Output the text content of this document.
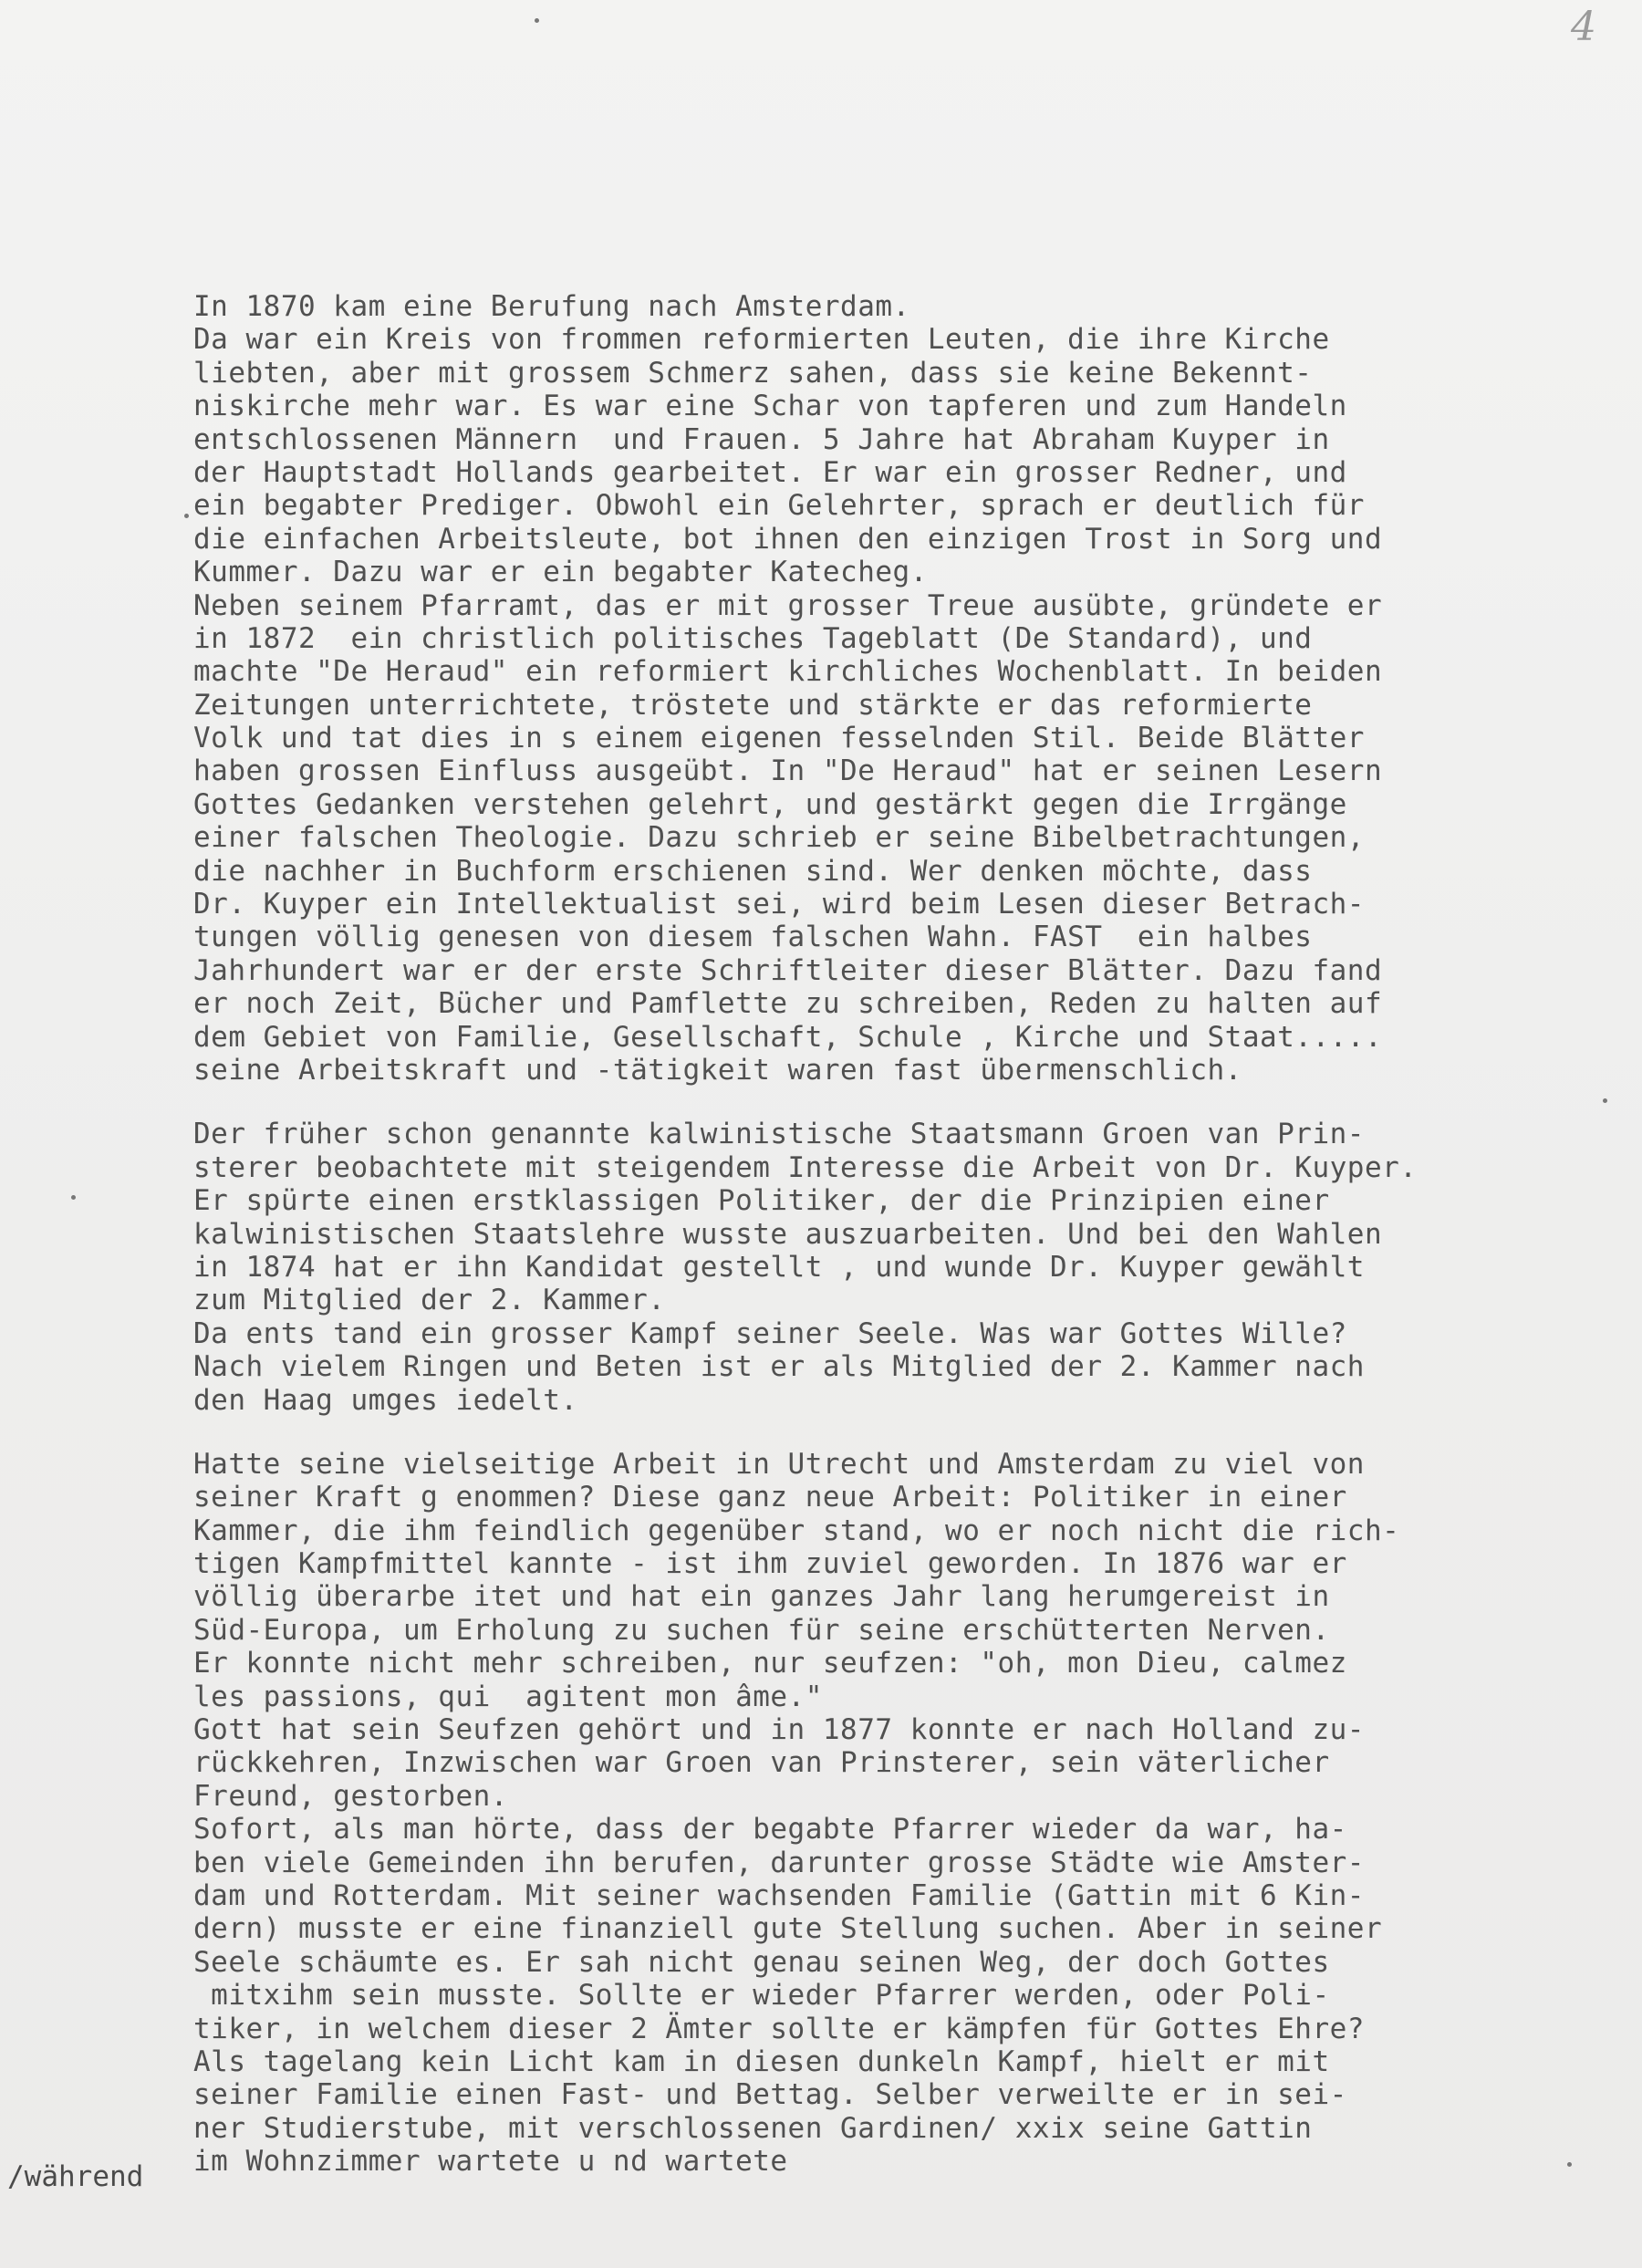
4
In 1870 kam eine Berufung nach Amsterdam.
Da war ein Kreis von frommen reformierten Leuten, die ihre Kirche
liebten, aber mit grossem Schmerz sahen, dass sie keine Bekennt-
niskirche mehr war. Es war eine Schar von tapferen und zum Handeln
entschlossenen Männern  und Frauen. 5 Jahre hat Abraham Kuyper in
der Hauptstadt Hollands gearbeitet. Er war ein grosser Redner, und
ein begabter Prediger. Obwohl ein Gelehrter, sprach er deutlich für
die einfachen Arbeitsleute, bot ihnen den einzigen Trost in Sorg und
Kummer. Dazu war er ein begabter Katecheg.
Neben seinem Pfarramt, das er mit grosser Treue ausübte, gründete er
in 1872  ein christlich politisches Tageblatt (De Standard), und
machte "De Heraud" ein reformiert kirchliches Wochenblatt. In beiden
Zeitungen unterrichtete, tröstete und stärkte er das reformierte
Volk und tat dies in s einem eigenen fesselnden Stil. Beide Blätter
haben grossen Einfluss ausgeübt. In "De Heraud" hat er seinen Lesern
Gottes Gedanken verstehen gelehrt, und gestärkt gegen die Irrgänge
einer falschen Theologie. Dazu schrieb er seine Bibelbetrachtungen,
die nachher in Buchform erschienen sind. Wer denken möchte, dass
Dr. Kuyper ein Intellektualist sei, wird beim Lesen dieser Betrach-
tungen völlig genesen von diesem falschen Wahn. FAST  ein halbes
Jahrhundert war er der erste Schriftleiter dieser Blätter. Dazu fand
er noch Zeit, Bücher und Pamflette zu schreiben, Reden zu halten auf
dem Gebiet von Familie, Gesellschaft, Schule , Kirche und Staat.....
seine Arbeitskraft und -tätigkeit waren fast übermenschlich.
Der früher schon genannte kalwinistische Staatsmann Groen van Prin-
sterer beobachtete mit steigendem Interesse die Arbeit von Dr. Kuyper.
Er spürte einen erstklassigen Politiker, der die Prinzipien einer
kalwinistischen Staatslehre wusste auszuarbeiten. Und bei den Wahlen
in 1874 hat er ihn Kandidat gestellt , und wunde Dr. Kuyper gewählt
zum Mitglied der 2. Kammer.
Da ents tand ein grosser Kampf seiner Seele. Was war Gottes Wille?
Nach vielem Ringen und Beten ist er als Mitglied der 2. Kammer nach
den Haag umges iedelt.
Hatte seine vielseitige Arbeit in Utrecht und Amsterdam zu viel von
seiner Kraft g enommen? Diese ganz neue Arbeit: Politiker in einer
Kammer, die ihm feindlich gegenüber stand, wo er noch nicht die rich-
tigen Kampfmittel kannte - ist ihm zuviel geworden. In 1876 war er
völlig überarbe itet und hat ein ganzes Jahr lang herumgereist in
Süd-Europa, um Erholung zu suchen für seine erschütterten Nerven.
Er konnte nicht mehr schreiben, nur seufzen: "oh, mon Dieu, calmez
les passions, qui  agitent mon âme."
Gott hat sein Seufzen gehört und in 1877 konnte er nach Holland zu-
rückkehren, Inzwischen war Groen van Prinsterer, sein väterlicher
Freund, gestorben.
Sofort, als man hörte, dass der begabte Pfarrer wieder da war, ha-
ben viele Gemeinden ihn berufen, darunter grosse Städte wie Amster-
dam und Rotterdam. Mit seiner wachsenden Familie (Gattin mit 6 Kin-
dern) musste er eine finanziell gute Stellung suchen. Aber in seiner
Seele schäumte es. Er sah nicht genau seinen Weg, der doch Gottes
mitxihm sein musste. Sollte er wieder Pfarrer werden, oder Poli-
tiker, in welchem dieser 2 Ämter sollte er kämpfen für Gottes Ehre?
Als tagelang kein Licht kam in diesen dunkeln Kampf, hielt er mit
seiner Familie einen Fast- und Bettag. Selber verweilte er in sei-
ner Studierstube, mit verschlossenen Gardinen/ xxix seine Gattin
im Wohnzimmer wartete u nd wartete
/während
